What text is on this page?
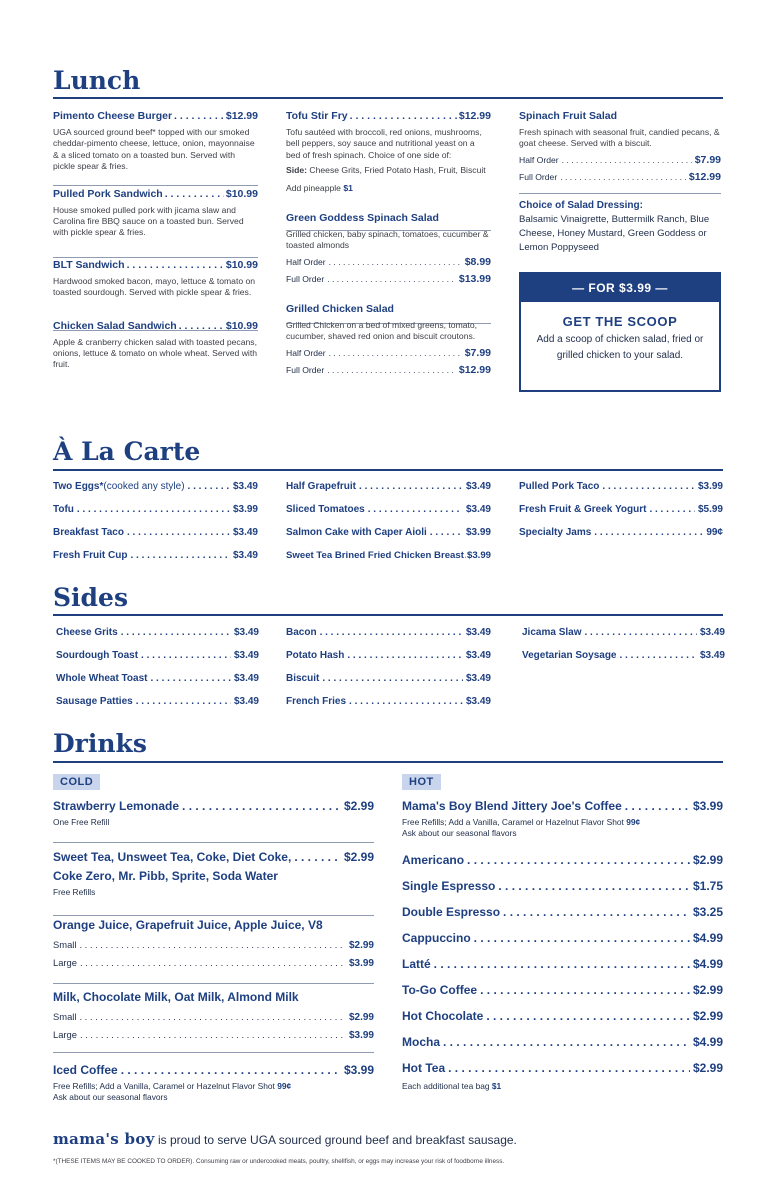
Lunch
Pimento Cheese Burger . . .	$12.99
UGA sourced ground beef* topped with our smoked cheddar-pimento cheese, lettuce, onion, mayonnaise & a sliced tomato on a toasted bun. Served with pickle spear & fries.
Pulled Pork Sandwich . . .	$10.99
House smoked pulled pork with jicama slaw and Carolina fire BBQ sauce on a toasted bun. Served with pickle spear & fries.
BLT Sandwich . . .	$10.99
Hardwood smoked bacon, mayo, lettuce & tomato on toasted sourdough. Served with pickle spear & fries.
Chicken Salad Sandwich . . .	$10.99
Apple & cranberry chicken salad with toasted pecans, onions, lettuce & tomato on whole wheat. Served with fruit.
Tofu Stir Fry . . .	$12.99
Tofu sautéed with broccoli, red onions, mushrooms, bell peppers, soy sauce and nutritional yeast on a bed of fresh spinach. Choice of one side of:
Side: Cheese Grits, Fried Potato Hash, Fruit, Biscuit
Add pineapple $1
Green Goddess Spinach Salad
Grilled chicken, baby spinach, tomatoes, cucumber & toasted almonds
Half Order . . .	$8.99
Full Order . . .	$13.99
Grilled Chicken Salad
Grilled Chicken on a bed of mixed greens, tomato, cucumber, shaved red onion and biscuit croutons.
Half Order . . .	$7.99
Full Order . . .	$12.99
Spinach Fruit Salad
Fresh spinach with seasonal fruit, candied pecans, & goat cheese. Served with a biscuit.
Half Order . . .	$7.99
Full Order . . .	$12.99
Choice of Salad Dressing:
Balsamic Vinaigrette, Buttermilk Ranch, Blue Cheese, Honey Mustard, Green Goddess or Lemon Poppyseed
— FOR $3.99 —
GET THE SCOOP
Add a scoop of chicken salad, fried or grilled chicken to your salad.
À La Carte
Two Eggs* (cooked any style) . . .	$3.49
Tofu . . .	$3.99
Breakfast Taco . . .	$3.49
Fresh Fruit Cup . . .	$3.49
Half Grapefruit . . .	$3.49
Sliced Tomatoes . . .	$3.49
Salmon Cake with Caper Aioli . . .	$3.99
Sweet Tea Brined Fried Chicken Breast . . . $3.99
Pulled Pork Taco . . .	$3.99
Fresh Fruit & Greek Yogurt . . .	$5.99
Specialty Jams . . .	99¢
Sides
Cheese Grits . . .	$3.49
Sourdough Toast . . .	$3.49
Whole Wheat Toast . . .	$3.49
Sausage Patties . . .	$3.49
Bacon . . .	$3.49
Potato Hash . . .	$3.49
Biscuit . . .	$3.49
French Fries . . .	$3.49
Jicama Slaw . . .	$3.49
Vegetarian Soysage . . .	$3.49
Drinks
COLD
Strawberry Lemonade . . .	$2.99
One Free Refill
Sweet Tea, Unsweet Tea, Coke, Diet Coke, . . .	$2.99
Coke Zero, Mr. Pibb, Sprite, Soda Water
Free Refills
Orange Juice, Grapefruit Juice, Apple Juice, V8
Small . . .	$2.99
Large . . .	$3.99
Milk, Chocolate Milk, Oat Milk, Almond Milk
Small . . .	$2.99
Large . . .	$3.99
Iced Coffee . . .	$3.99
Free Refills; Add a Vanilla, Caramel or Hazelnut Flavor Shot 99¢
Ask about our seasonal flavors
HOT
Mama's Boy Blend Jittery Joe's Coffee . . .	$3.99
Free Refills; Add a Vanilla, Caramel or Hazelnut Flavor Shot 99¢
Ask about our seasonal flavors
Americano . . .	$2.99
Single Espresso . . .	$1.75
Double Espresso . . .	$3.25
Cappuccino . . .	$4.99
Latté . . .	$4.99
To-Go Coffee . . .	$2.99
Hot Chocolate . . .	$2.99
Mocha . . .	$4.99
Hot Tea . . .	$2.99
Each additional tea bag $1
mama's boy is proud to serve UGA sourced ground beef and breakfast sausage.
*(THESE ITEMS MAY BE COOKED TO ORDER). Consuming raw or undercooked meats, poultry, shellfish, or eggs may increase your risk of foodborne illness.
